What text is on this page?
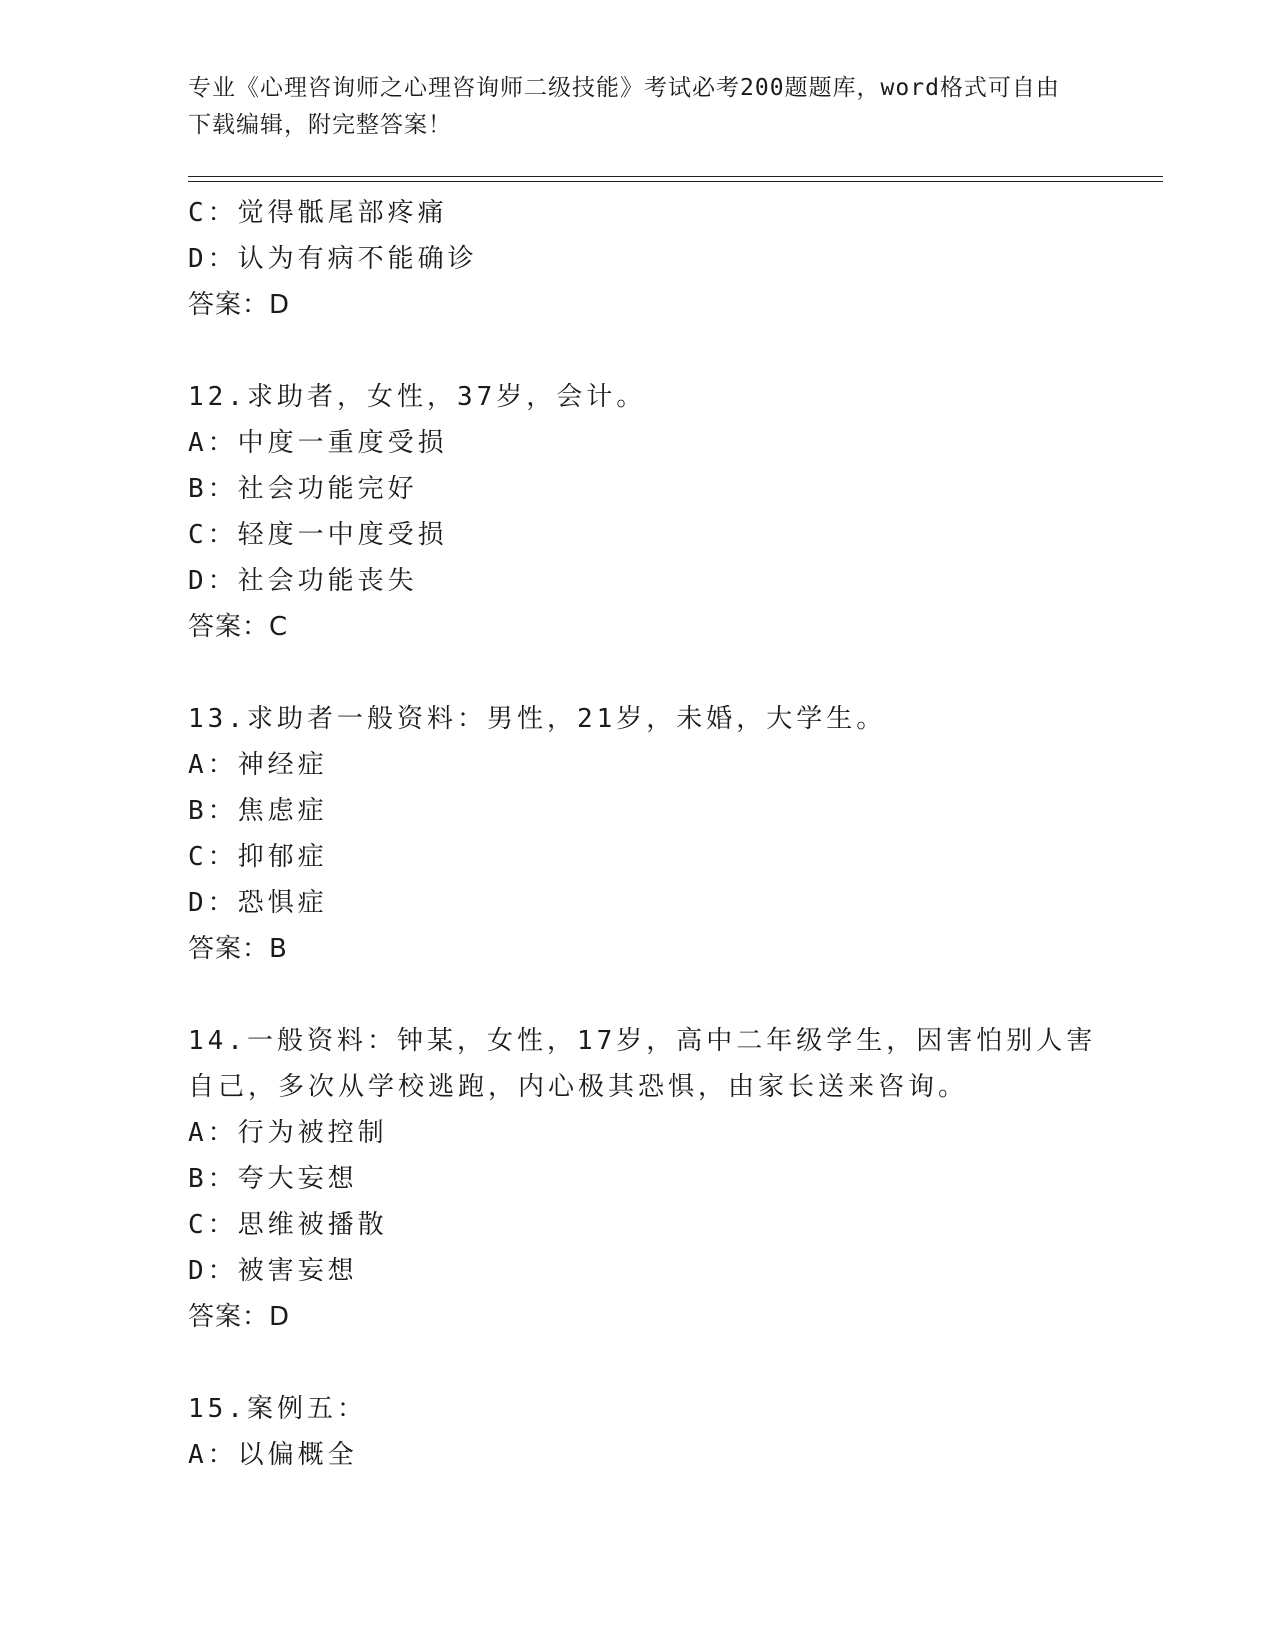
专业《心理咨询师之心理咨询师二级技能》考试必考200题题库，word格式可自由下载编辑，附完整答案！
C：觉得骶尾部疼痛
D：认为有病不能确诊
答案：D
12.求助者，女性，37岁，会计。
A：中度一重度受损
B：社会功能完好
C：轻度一中度受损
D：社会功能丧失
答案：C
13.求助者一般资料：男性，21岁，未婚，大学生。
A：神经症
B：焦虑症
C：抑郁症
D：恐惧症
答案：B
14.一般资料：钟某，女性，17岁，高中二年级学生，因害怕别人害自己，多次从学校逃跑，内心极其恐惧，由家长送来咨询。
A：行为被控制
B：夸大妄想
C：思维被播散
D：被害妄想
答案：D
15.案例五：
A：以偏概全
